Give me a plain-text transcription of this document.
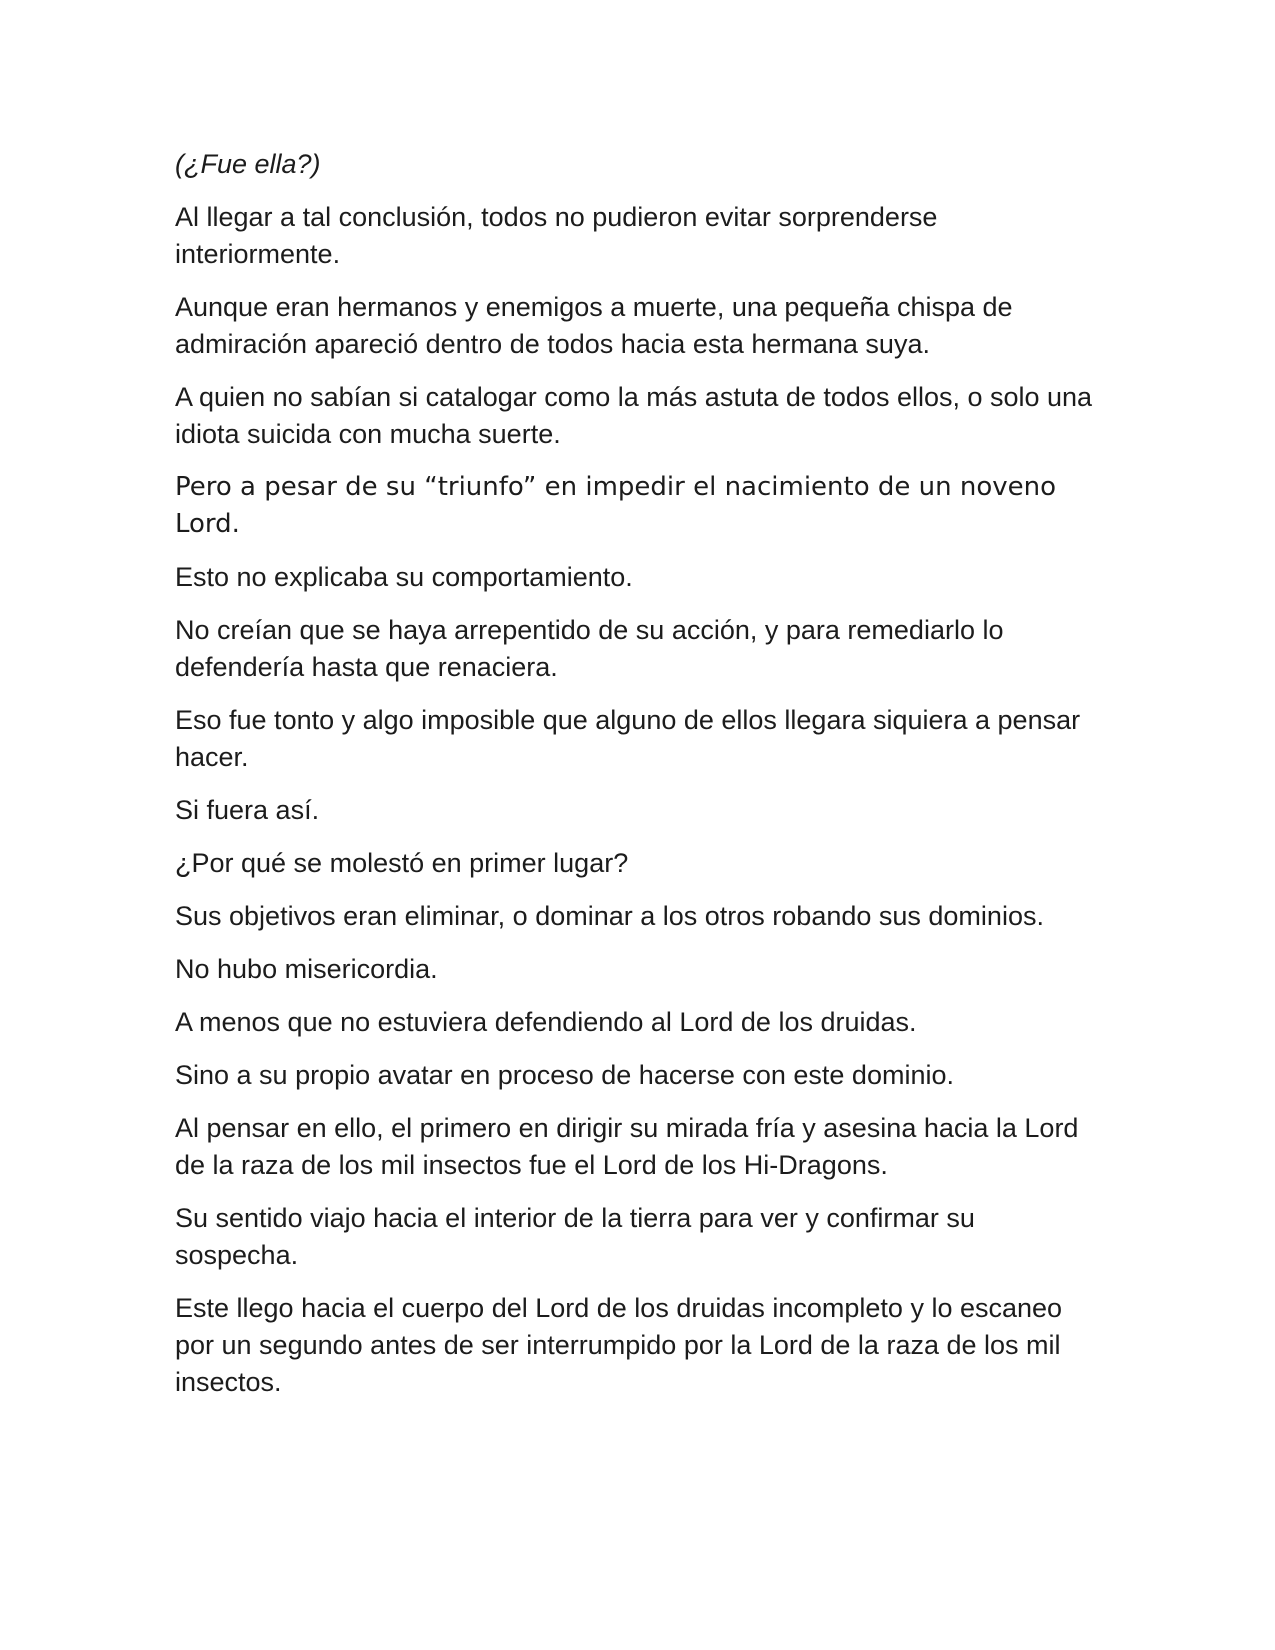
(¿Fue ella?)

Al llegar a tal conclusión, todos no pudieron evitar sorprenderse interiormente.

Aunque eran hermanos y enemigos a muerte, una pequeña chispa de admiración apareció dentro de todos hacia esta hermana suya.

A quien no sabían si catalogar como la más astuta de todos ellos, o solo una idiota suicida con mucha suerte.

Pero a pesar de su “triunfo” en impedir el nacimiento de un noveno Lord.

Esto no explicaba su comportamiento.

No creían que se haya arrepentido de su acción, y para remediarlo lo defendería hasta que renaciera.

Eso fue tonto y algo imposible que alguno de ellos llegara siquiera a pensar hacer.

Si fuera así.

¿Por qué se molestó en primer lugar?

Sus objetivos eran eliminar, o dominar a los otros robando sus dominios.

No hubo misericordia.

A menos que no estuviera defendiendo al Lord de los druidas.

Sino a su propio avatar en proceso de hacerse con este dominio.

Al pensar en ello, el primero en dirigir su mirada fría y asesina hacia la Lord de la raza de los mil insectos fue el Lord de los Hi-Dragons.

Su sentido viajo hacia el interior de la tierra para ver y confirmar su sospecha.

Este llego hacia el cuerpo del Lord de los druidas incompleto y lo escaneo por un segundo antes de ser interrumpido por la Lord de la raza de los mil insectos.
